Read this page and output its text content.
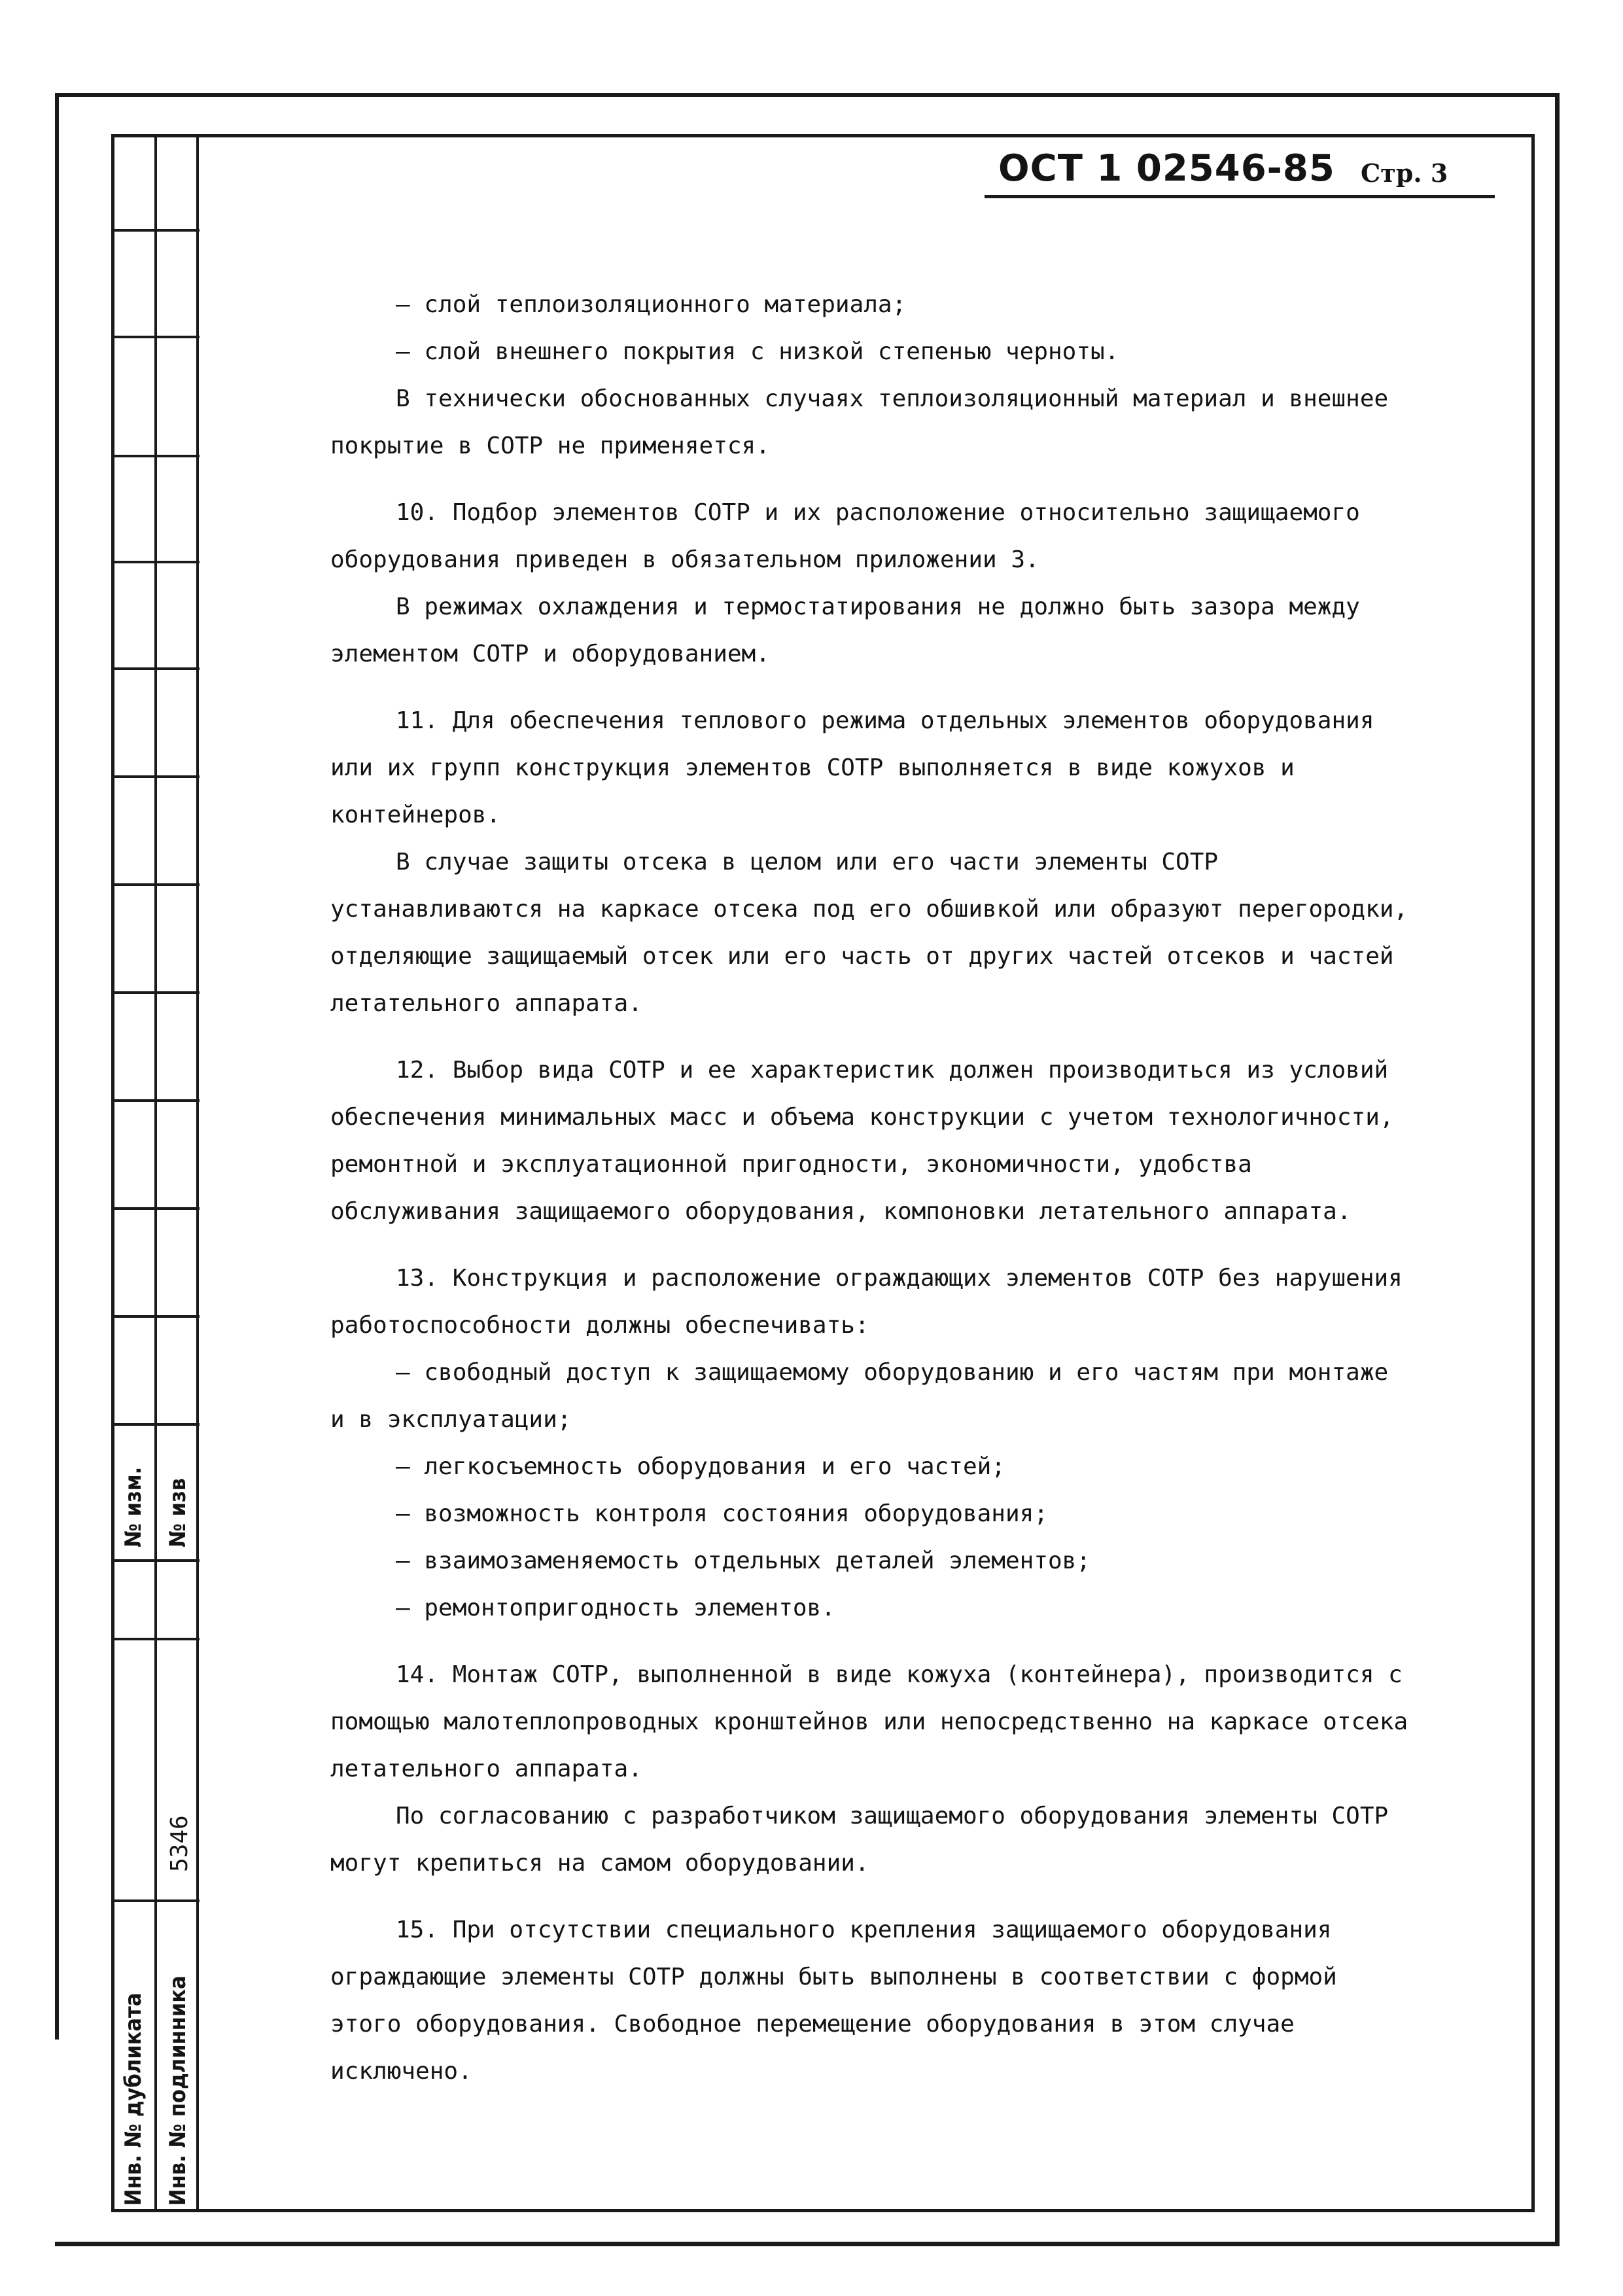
№ изм. № изв
5346
Инв. № дубликата Инв. № подлинника
ОСТ 1 02546-85 Стр. 3

– слой теплоизоляционного материала;

– слой внешнего покрытия с низкой степенью черноты.

В технически обоснованных случаях теплоизоляционный материал и внешнее покрытие в СОТР не применяется.

10. Подбор элементов СОТР и их расположение относительно защищаемого оборудования приведен в обязательном приложении 3.

В режимах охлаждения и термостатирования не должно быть зазора между элементом СОТР и оборудованием.

11. Для обеспечения теплового режима отдельных элементов оборудования или их групп конструкция элементов СОТР выполняется в виде кожухов и контейнеров.

В случае защиты отсека в целом или его части элементы СОТР устанавливаются на каркасе отсека под его обшивкой или образуют перегородки, отделяющие защищаемый отсек или его часть от других частей отсеков и частей летательного аппарата.

12. Выбор вида СОТР и ее характеристик должен производиться из условий обеспечения минимальных масс и объема конструкции с учетом технологичности, ремонтной и эксплуатационной пригодности, экономичности, удобства обслуживания защищаемого оборудования, компоновки летательного аппарата.

13. Конструкция и расположение ограждающих элементов СОТР без нарушения работоспособности должны обеспечивать:

– свободный доступ к защищаемому оборудованию и его частям при монтаже и в эксплуатации;

– легкосъемность оборудования и его частей;

– возможность контроля состояния оборудования;

– взаимозаменяемость отдельных деталей элементов;

– ремонтопригодность элементов.

14. Монтаж СОТР, выполненной в виде кожуха (контейнера), производится с помощью малотеплопроводных кронштейнов или непосредственно на каркасе отсека летательного аппарата.

По согласованию с разработчиком защищаемого оборудования элементы СОТР могут крепиться на самом оборудовании.

15. При отсутствии специального крепления защищаемого оборудования ограждающие элементы СОТР должны быть выполнены в соответствии с формой этого оборудования. Свободное перемещение оборудования в этом случае исключено.
